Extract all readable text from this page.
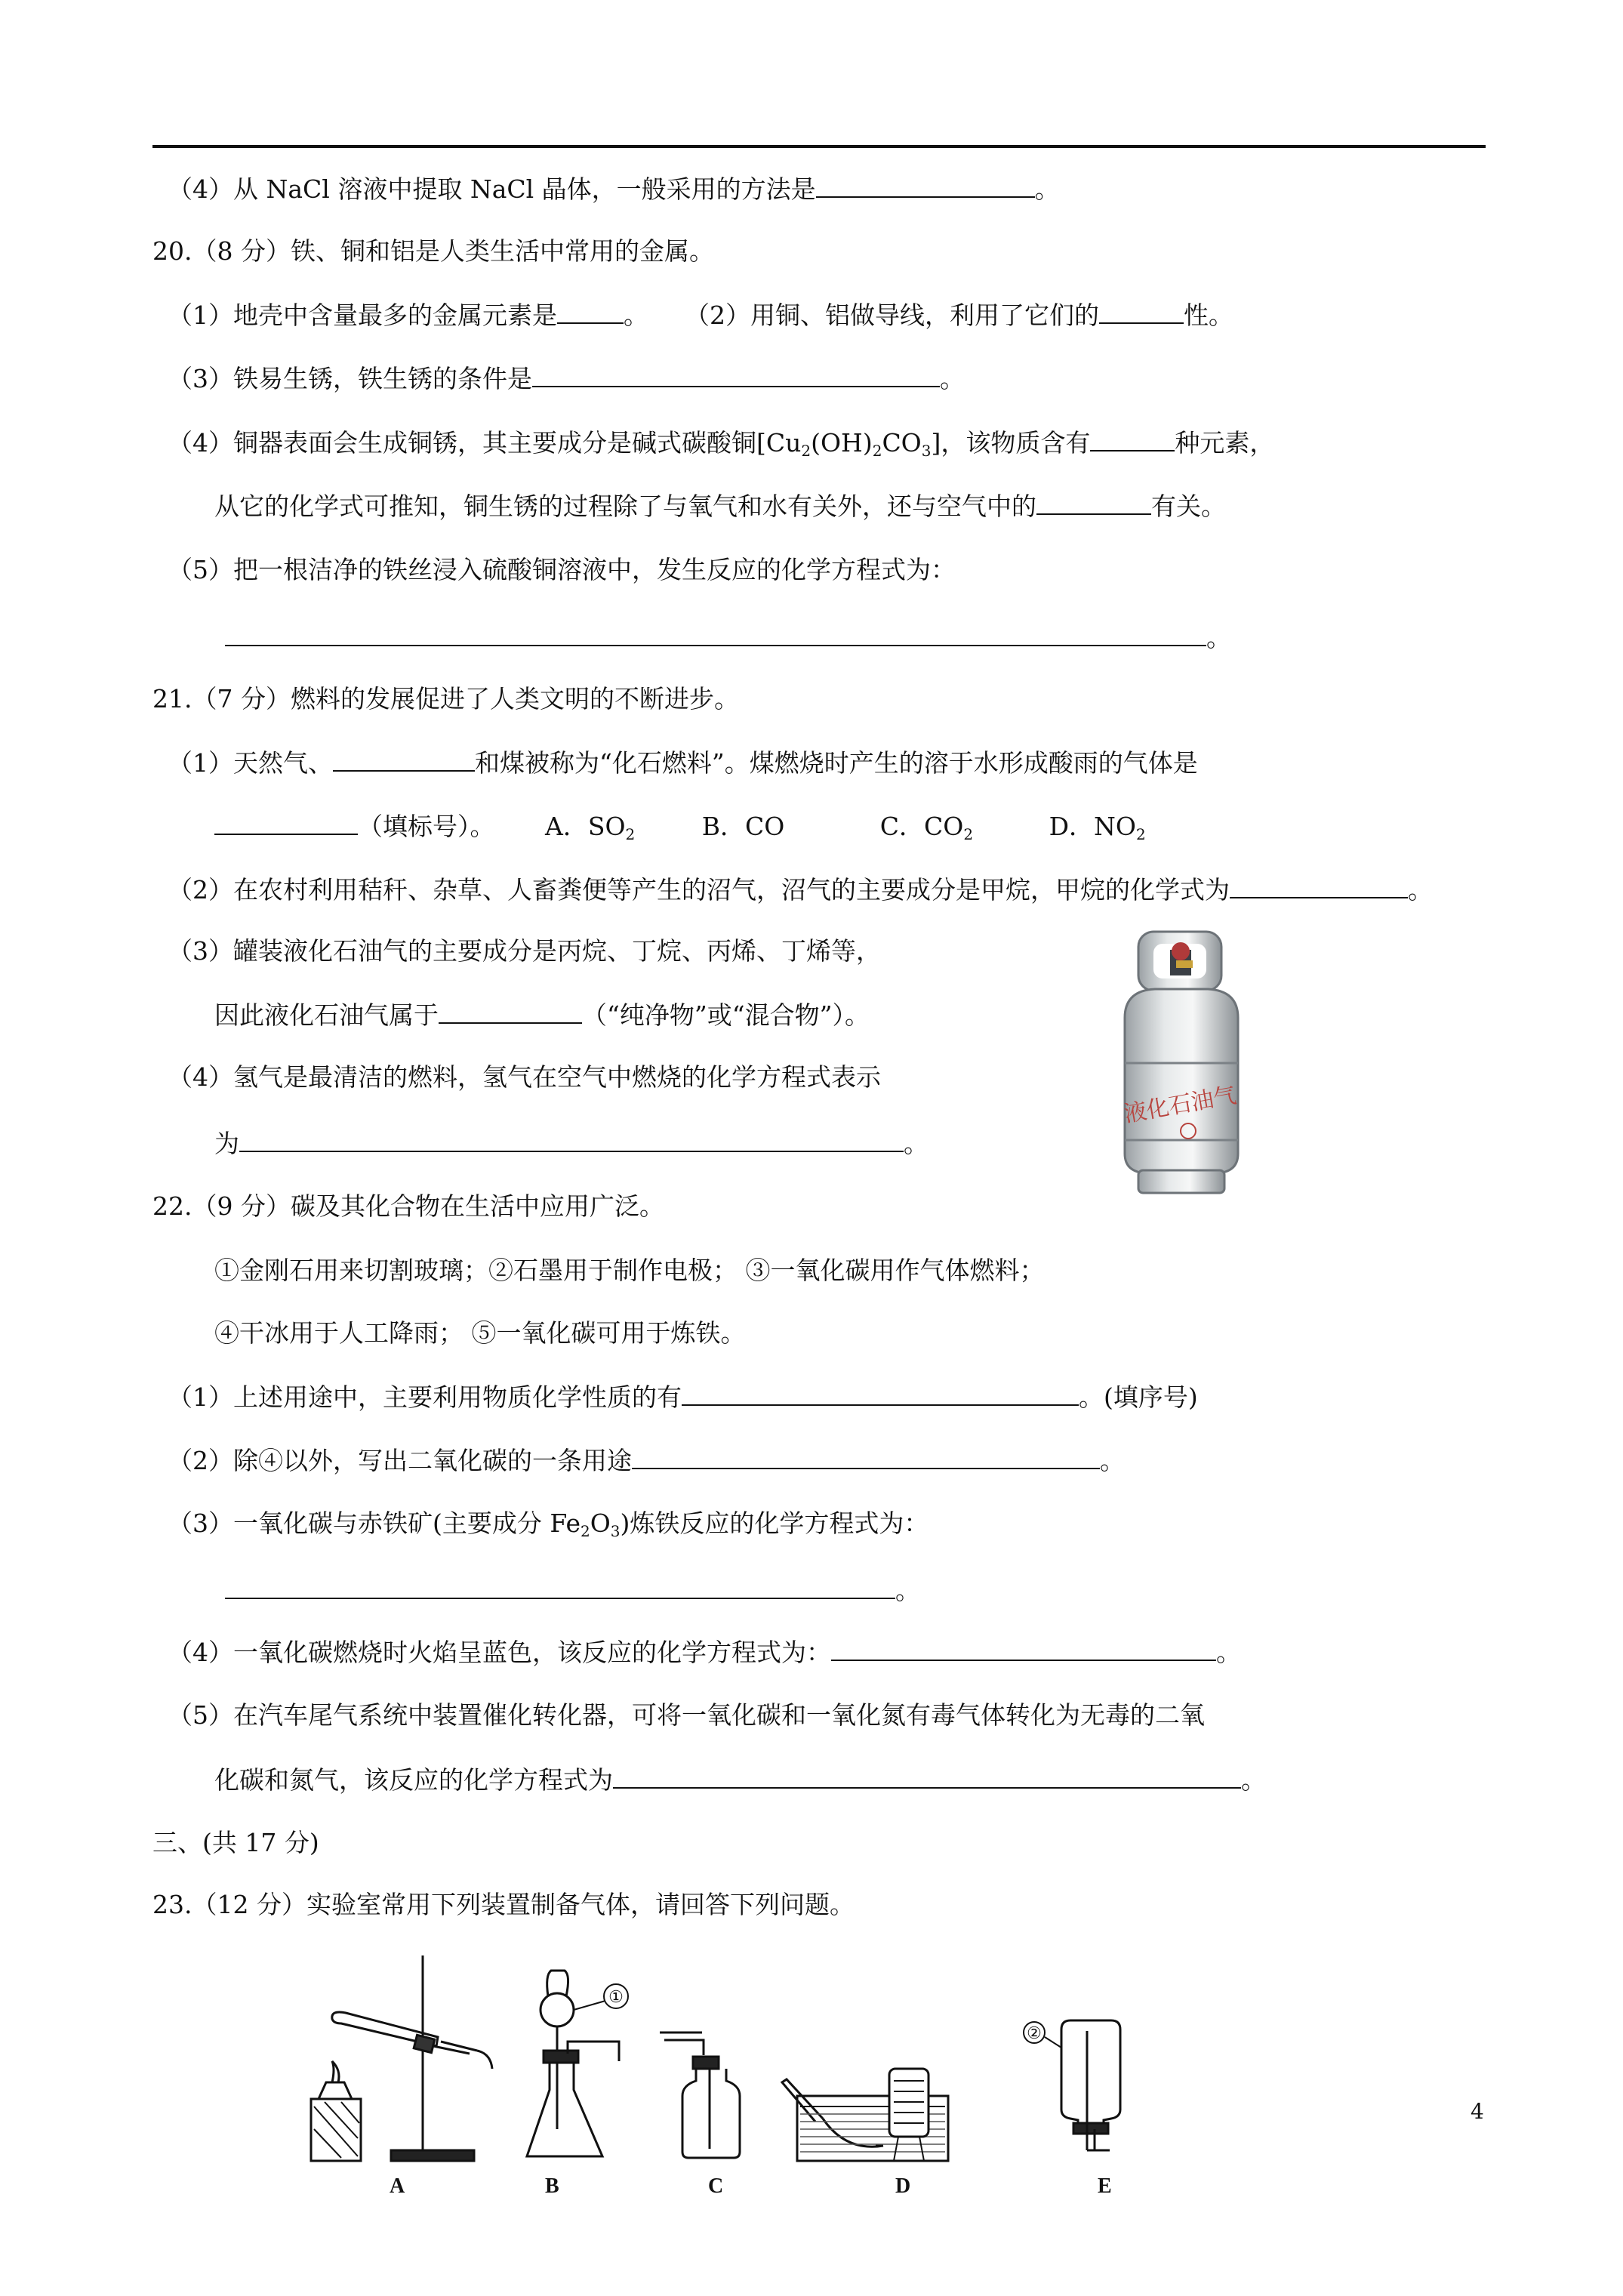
（4）从 NaCl 溶液中提取 NaCl 晶体，一般采用的方法是	。
20.（8 分）铁、铜和铝是人类生活中常用的金属。
（1）地壳中含量最多的金属元素是	。 （2）用铜、铝做导线，利用了它们的	性。
（3）铁易生锈，铁生锈的条件是	。
（4）铜器表面会生成铜锈，其主要成分是碱式碳酸铜$[Cu_2(OH)_2CO_3]$，该物质含有	种元素，
从它的化学式可推知，铜生锈的过程除了与氧气和水有关外，还与空气中的	有关。
（5）把一根洁净的铁丝浸入硫酸铜溶液中，发生反应的化学方程式为：
。
21.（7 分）燃料的发展促进了人类文明的不断进步。
（1）天然气、	和煤被称为“化石燃料”。煤燃烧时产生的溶于水形成酸雨的气体是
（填标号）。 A．$SO_2$	B．CO	C．$CO_2$	D．$NO_2$
（2）在农村利用秸秆、杂草、人畜粪便等产生的沼气，沼气的主要成分是甲烷，甲烷的化学式为	。
（3）罐装液化石油气的主要成分是丙烷、丁烷、丙烯、丁烯等，
因此液化石油气属于	（“纯净物”或“混合物”）。
（4）氢气是最清洁的燃料，氢气在空气中燃烧的化学方程式表示
为	。
液化石油气
22.（9 分）碳及其化合物在生活中应用广泛。
①金刚石用来切割玻璃；②石墨用于制作电极； ③一氧化碳用作气体燃料；
④干冰用于人工降雨； ⑤一氧化碳可用于炼铁。
（1）上述用途中，主要利用物质化学性质的有	。(填序号)
（2）除④以外，写出二氧化碳的一条用途	。
（3）一氧化碳与赤铁矿(主要成分 $Fe_2O_3$)炼铁反应的化学方程式为：
。
（4）一氧化碳燃烧时火焰呈蓝色，该反应的化学方程式为：	。
（5）在汽车尾气系统中装置催化转化器，可将一氧化碳和一氧化氮有毒气体转化为无毒的二氧
化碳和氮气，该反应的化学方程式为	。
三、(共 17 分)
23.（12 分）实验室常用下列装置制备气体，请回答下列问题。
①
②
A	B	C	D	E
4
